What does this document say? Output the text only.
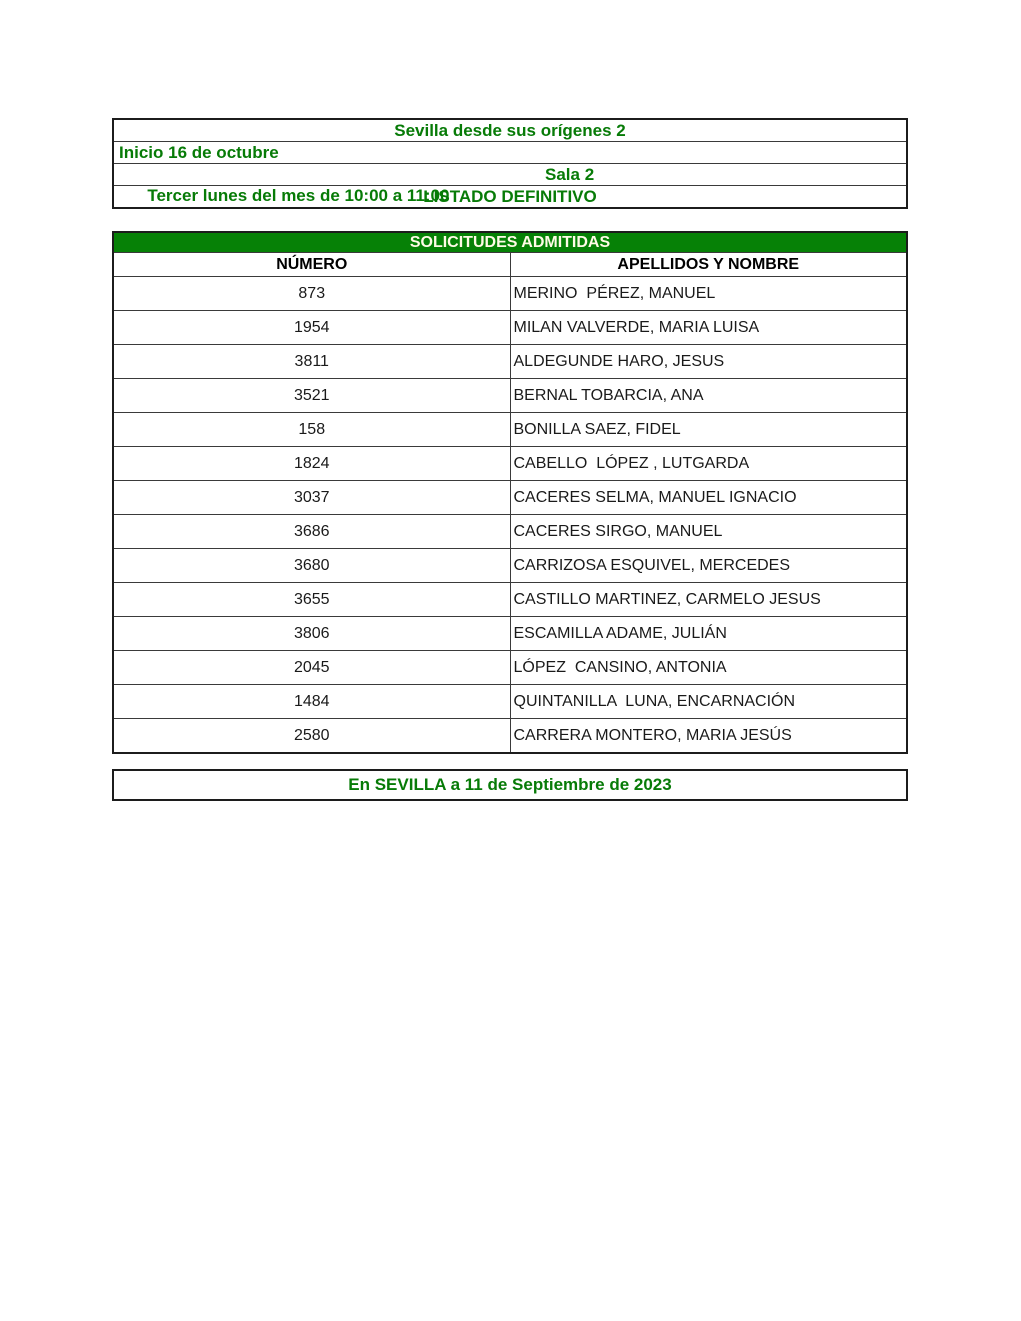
Sevilla desde sus orígenes 2
Inicio 16 de octubre

Tercer lunes del mes de 10:00 a 11:00

Sala 2

LISTADO DEFINITIVO
SOLICITUDES ADMITIDAS	
NÚMERO	APELLIDOS Y NOMBRE
873	MERINO  PÉREZ, MANUEL
1954	MILAN VALVERDE, MARIA LUISA
3811	ALDEGUNDE HARO, JESUS
3521	BERNAL TOBARCIA, ANA
158	BONILLA SAEZ, FIDEL
1824	CABELLO  LÓPEZ , LUTGARDA
3037	CACERES SELMA, MANUEL IGNACIO
3686	CACERES SIRGO, MANUEL
3680	CARRIZOSA ESQUIVEL, MERCEDES
3655	CASTILLO MARTINEZ, CARMELO JESUS
3806	ESCAMILLA ADAME, JULIÁN
2045	LÓPEZ  CANSINO, ANTONIA
1484	QUINTANILLA  LUNA, ENCARNACIÓN
2580	CARRERA MONTERO, MARIA JESÚS
En SEVILLA a 11 de Septiembre de 2023
